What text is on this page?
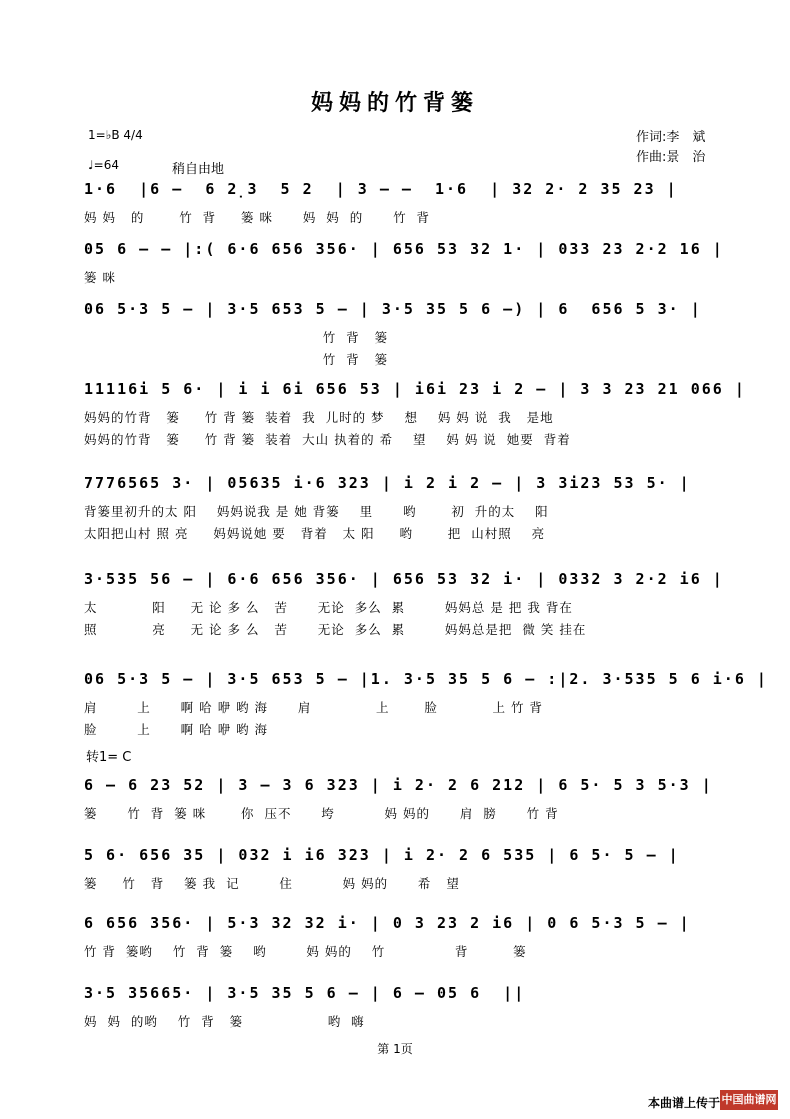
妈妈的竹背篓
1=♭B 4/4
♩=64	稍自由地
作词:李　斌
作曲:景　治
1·6  |6 —  6 2̣3  5 2  | 3 — —  1·6  | 32 2· 2 35 23 |
妈 妈   的       竹  背     篓 咪      妈  妈  的      竹  背
05 6 — — |:( 6·6 656 356· | 656 53 32 1· | 033 23 2·2 16 |
篓 咪
06 5·3 5 — | 3·5 653 5 — | 3·5 35 5 6 —) | 6  656 5 3· |
竹  背   篓
竹  背   篓
11116i 5 6· | i i 6i 656 53 | i6i 23 i 2 — | 3 3 23 21 066 |
妈妈的竹背   篓     竹 背 篓  装着  我  儿时的 梦    想    妈 妈 说  我   是地
妈妈的竹背   篓     竹 背 篓  装着  大山 执着的 希    望    妈 妈 说  她要  背着
7776565 3· | 05635 i·6 323 | i 2 i 2 — | 3 3i23 53 5· |
背篓里初升的太 阳    妈妈说我 是 她 背篓    里      哟       初  升的太    阳
太阳把山村 照 亮     妈妈说她 要   背着   太 阳     哟       把  山村照    亮
3·535 56 — | 6·6 656 356· | 656 53 32 i· | 0332 3 2·2 i6 |
太           阳     无 论 多 么   苦      无论  多么  累        妈妈总 是 把 我 背在
照           亮     无 论 多 么   苦      无论  多么  累        妈妈总是把  微 笑 挂在
06 5·3 5 — | 3·5 653 5 — |1. 3·5 35 5 6 — :|2. 3·535 5 6 i·6 |
肩        上      啊 哈 咿 哟 海      肩             上       脸           上 竹 背
脸        上      啊 哈 咿 哟 海
6 — 6 23 52 | 3 — 3 6 323 | i 2· 2 6 212 | 6 5· 5 3 5·3 |
篓      竹  背  篓 咪       你  压不      垮          妈 妈的      肩  膀      竹 背
5 6· 656 35 | 032 i i6 323 | i 2· 2 6 535 | 6 5· 5 — |
篓     竹   背    篓 我  记        住          妈 妈的      希   望
6 656 356· | 5·3 32 32 i· | 0 3 23 2 i6 | 0 6 5·3 5 — |
竹 背  篓哟    竹  背  篓    哟        妈 妈的    竹              背         篓
3·5 35665· | 3·5 35 5 6 — | 6 — 05 6  ||
妈  妈  的哟    竹  背   篓                 哟  嗨
转1= C
第 1页
本曲谱上传于 中国曲谱网
